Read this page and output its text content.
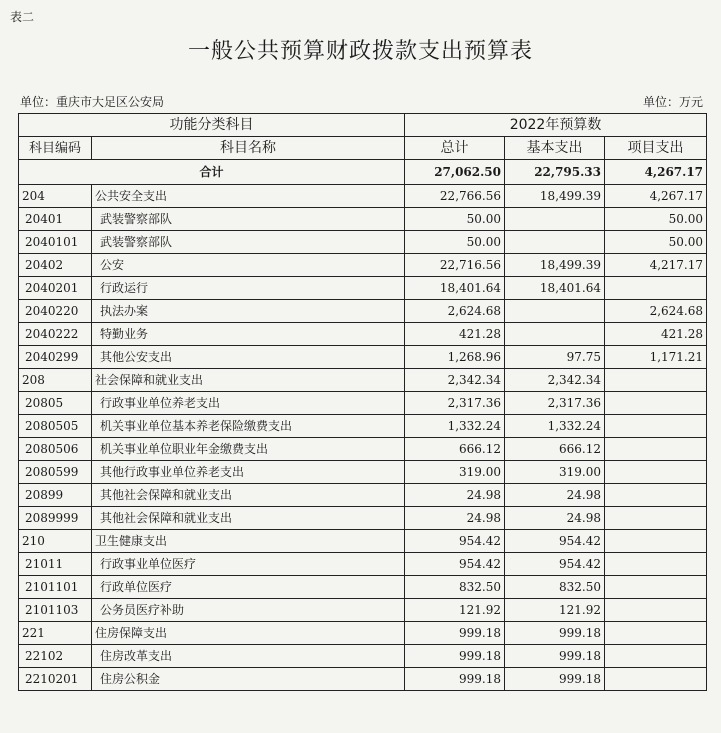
表二
一般公共预算财政拨款支出预算表
单位：重庆市大足区公安局	单位：万元
功能分类科目		2022年预算数		
科目编码	科目名称	总计	基本支出	项目支出
合计		27,062.50	22,795.33	4,267.17
204	公共安全支出	22,766.56	18,499.39	4,267.17
20401	武装警察部队	50.00		50.00
2040101	武装警察部队	50.00		50.00
20402	公安	22,716.56	18,499.39	4,217.17
2040201	行政运行	18,401.64	18,401.64	
2040220	执法办案	2,624.68		2,624.68
2040222	特勤业务	421.28		421.28
2040299	其他公安支出	1,268.96	97.75	1,171.21
208	社会保障和就业支出	2,342.34	2,342.34	
20805	行政事业单位养老支出	2,317.36	2,317.36	
2080505	机关事业单位基本养老保险缴费支出	1,332.24	1,332.24	
2080506	机关事业单位职业年金缴费支出	666.12	666.12	
2080599	其他行政事业单位养老支出	319.00	319.00	
20899	其他社会保障和就业支出	24.98	24.98	
2089999	其他社会保障和就业支出	24.98	24.98	
210	卫生健康支出	954.42	954.42	
21011	行政事业单位医疗	954.42	954.42	
2101101	行政单位医疗	832.50	832.50	
2101103	公务员医疗补助	121.92	121.92	
221	住房保障支出	999.18	999.18	
22102	住房改革支出	999.18	999.18	
2210201	住房公积金	999.18	999.18	
